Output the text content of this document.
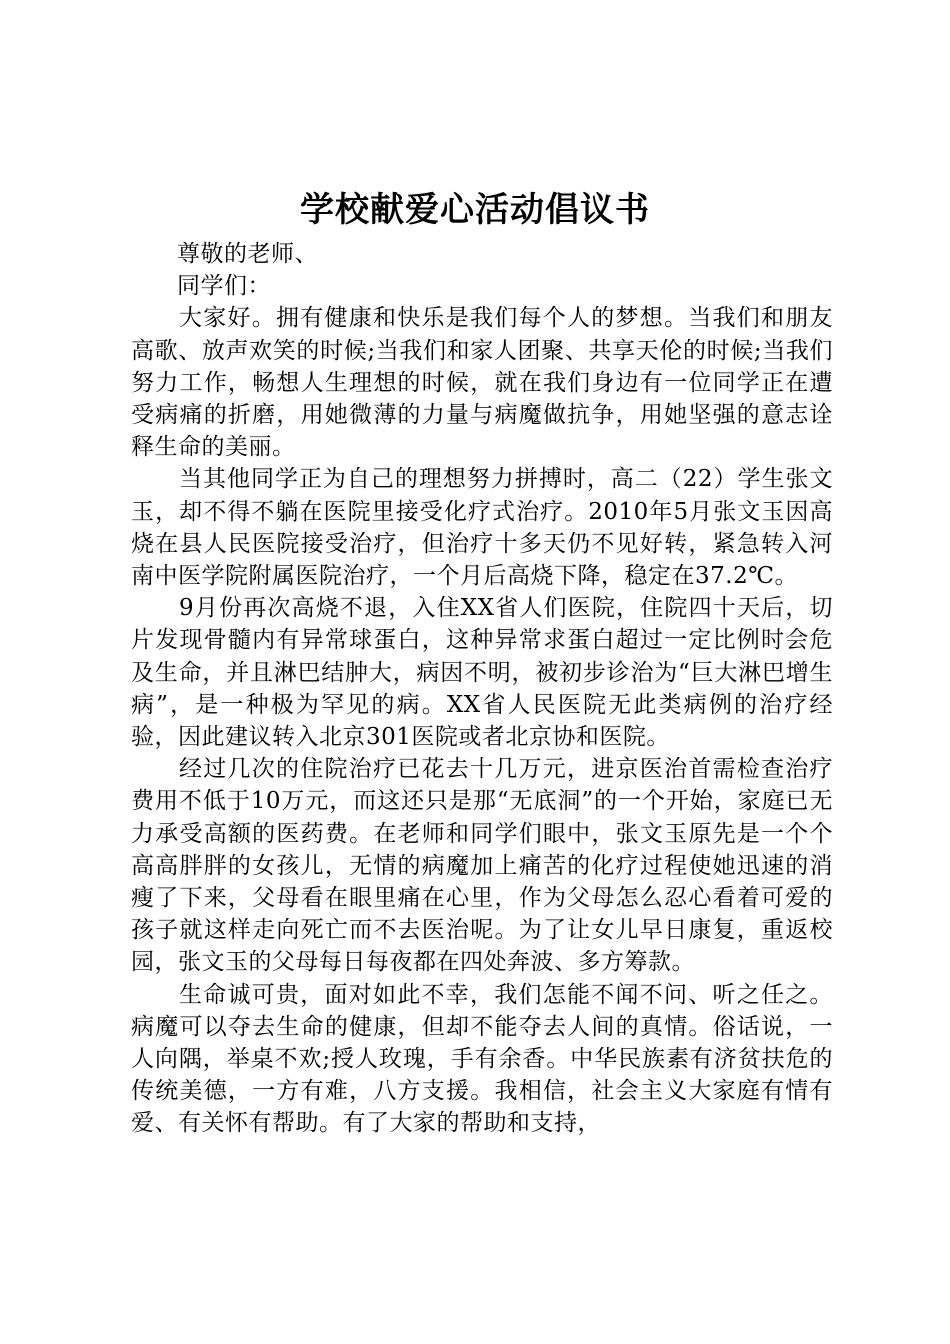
学校献爱心活动倡议书

尊敬的老师、

同学们：

大家好。拥有健康和快乐是我们每个人的梦想。当我们和朋友高歌、放声欢笑的时候;当我们和家人团聚、共享天伦的时候;当我们努力工作，畅想人生理想的时候，就在我们身边有一位同学正在遭受病痛的折磨，用她微薄的力量与病魔做抗争，用她坚强的意志诠释生命的美丽。

当其他同学正为自己的理想努力拼搏时，高二（22）学生张文玉，却不得不躺在医院里接受化疗式治疗。2010年5月张文玉因高烧在县人民医院接受治疗，但治疗十多天仍不见好转，紧急转入河南中医学院附属医院治疗，一个月后高烧下降，稳定在37.2℃。

9月份再次高烧不退，入住XX省人们医院，住院四十天后，切片发现骨髓内有异常球蛋白，这种异常求蛋白超过一定比例时会危及生命，并且淋巴结肿大，病因不明，被初步诊治为“巨大淋巴增生病”，是一种极为罕见的病。XX省人民医院无此类病例的治疗经验，因此建议转入北京301医院或者北京协和医院。

经过几次的住院治疗已花去十几万元，进京医治首需检查治疗费用不低于10万元，而这还只是那“无底洞”的一个开始，家庭已无力承受高额的医药费。在老师和同学们眼中，张文玉原先是一个个高高胖胖的女孩儿，无情的病魔加上痛苦的化疗过程使她迅速的消瘦了下来，父母看在眼里痛在心里，作为父母怎么忍心看着可爱的孩子就这样走向死亡而不去医治呢。为了让女儿早日康复，重返校园，张文玉的父母每日每夜都在四处奔波、多方筹款。

生命诚可贵，面对如此不幸，我们怎能不闻不问、听之任之。病魔可以夺去生命的健康，但却不能夺去人间的真情。俗话说，一人向隅，举桌不欢;授人玫瑰，手有余香。中华民族素有济贫扶危的传统美德，一方有难，八方支援。我相信，社会主义大家庭有情有爱、有关怀有帮助。有了大家的帮助和支持，
